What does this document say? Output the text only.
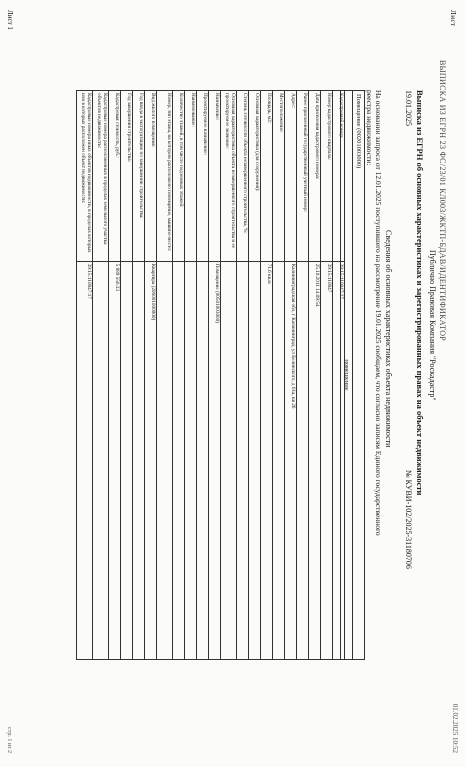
Лист
01.02.2025 10:52
ВЫПИСКА ИЗ ЕГРН 23 ФС/23/01 КЛ003/ЖКТП-БДАВ/ИДЕНТИФИКАТОР
Публично Правовая Компания "Роскадастр"
Выписка из ЕГРН об основных характеристиках и зарегистрированных правах на объект недвижимости
19.01.2025
№ КУВИ-102/2025-31180706
Сведения об основных характеристиках объекта недвижимости
На основании запроса от 12.01.2025 поступившего на рассмотрение 19.01.2025 сообщаем, что согласно записям Единого государственного
реестра недвижимости:
Помещение (00201003000)
помещение
Кадастровый номер:	39:15:110847:27
Номер кадастрового квартала:	39:15:110847
Дата присвоения кадастрового номера:	25.10.2011 14:09:54
Ранее присвоенный государственный учетный номер:	
Адрес:	Калининградская обл, г Калининград, ул Белинского, д 61а, кв 26
Местоположение:	
Площадь, м2:	71.6 кв.м
Основная характеристика (для сооружения):	
Степень готовности объекта незавершенного строительства, %:	
Основная характеристика объекта незавершенного строительства и ее проектируемое значение:	
Назначение:	Помещение (00501003000)
Проектируемое назначение:	
Наименование:	
Количество этажей, в том числе подземных этажей:	
Номер, тип этажа, на котором расположено помещение, машино-место:	
Вид жилого помещения:	Квартира (206001000000)
Год ввода в эксплуатацию по завершении строительства:	
Год завершения строительства:	
Кадастровая стоимость, руб.:	5 889 556.33
Кадастровые номера расположенных в пределах земельного участка объектов недвижимости:	
Кадастровые номера иных объектов недвижимости, в пределах которых или в которых расположен объект недвижимости:	39:15:110847:17
Лист 1
стр. 1 из 2
